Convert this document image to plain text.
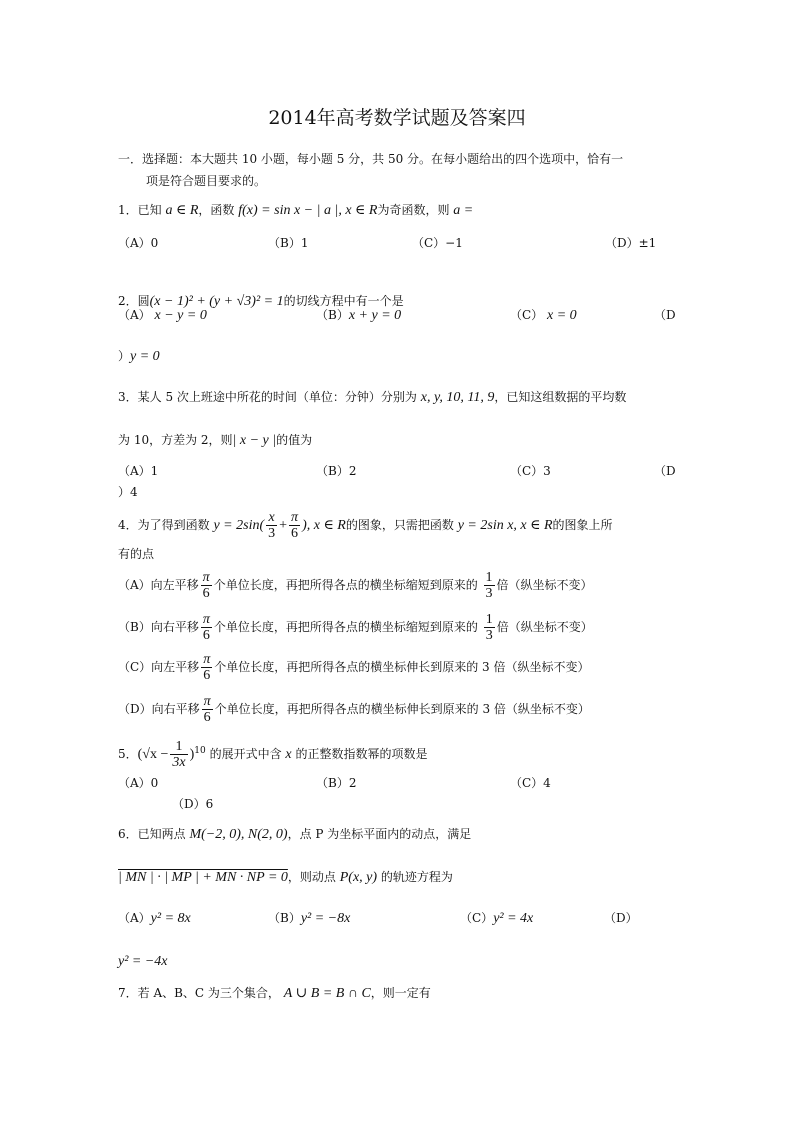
2014年高考数学试题及答案四
一．选择题：本大题共 10 小题，每小题 5 分，共 50 分。在每小题给出的四个选项中，恰有一
项是符合题目要求的。
1．已知 a ∈ R，函数 f(x) = sin x − | a |, x ∈ R为奇函数，则 a =
（A）0	（B）1	（C）−1	（D）±1
2．圆(x − 1)² + (y + √3)² = 1的切线方程中有一个是
（A） x − y = 0	（B）x + y = 0	（C） x = 0	（D
）y = 0
3．某人 5 次上班途中所花的时间（单位：分钟）分别为 x, y, 10, 11, 9，已知这组数据的平均数
为 10，方差为 2，则| x − y |的值为
（A）1	（B）2	（C）3	（D
）4
4．为了得到函数 $y = 2\sin( \frac{x}{3} + \frac{\pi}{6}$ ), x ∈ R的图象，只需把函数 y = 2sin x, x ∈ R的图象上所
有的点
（A）向左平移 $\frac{\pi}{6}$ 个单位长度，再把所得各点的横坐标缩短到原来的 $\frac{1}{3}$ 倍（纵坐标不变）
（B）向右平移 $\frac{\pi}{6}$ 个单位长度，再把所得各点的横坐标缩短到原来的 $\frac{1}{3}$ 倍（纵坐标不变）
（C）向左平移 $\frac{\pi}{6}$ 个单位长度，再把所得各点的横坐标伸长到原来的 3 倍（纵坐标不变）
（D）向右平移 $\frac{\pi}{6}$ 个单位长度，再把所得各点的横坐标伸长到原来的 3 倍（纵坐标不变）
5．$(√x - \frac{1}{3x} )^{10}$ 的展开式中含 x 的正整数指数幂的项数是
（A）0	（B）2	（C）4
（D）6
6．已知两点 M(−2, 0), N(2, 0)，点 P 为坐标平面内的动点，满足
| MN | · | MP | + MN · NP = 0，则动点 P(x, y) 的轨迹方程为
（A）y² = 8x	（B）y² = −8x	（C）y² = 4x	（D）
y² = −4x
7．若 A、B、C 为三个集合， A ∪ B = B ∩ C，则一定有
